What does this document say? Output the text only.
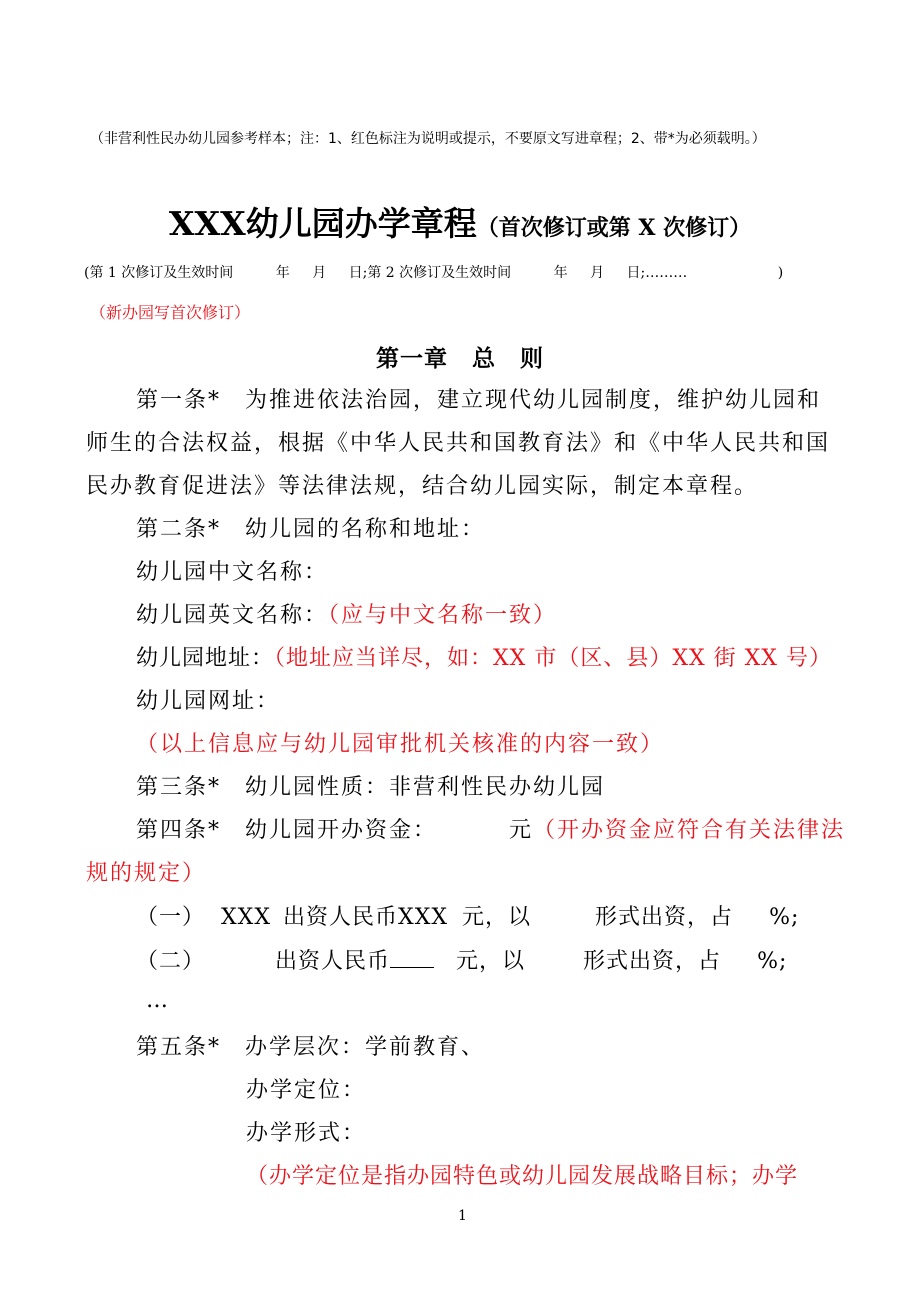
（非营利性民办幼儿园参考样本；注：1、红色标注为说明或提示，不要原文写进章程；2、带*为必须载明。）
XXX幼儿园办学章程（首次修订或第 X 次修订）
(第 1 次修订及生效时间	年 月 日;第 2 次修订及生效时间	年 月 日;………	)
（新办园写首次修订）
第一章　总　则
第一条*　为推进依法治园，建立现代幼儿园制度，维护幼儿园和
师生的合法权益，根据《中华人民共和国教育法》和《中华人民共和国
民办教育促进法》等法律法规，结合幼儿园实际，制定本章程。
第二条*　幼儿园的名称和地址：
幼儿园中文名称：
幼儿园英文名称：（应与中文名称一致）
幼儿园地址：（地址应当详尽，如：XX 市（区、县）XX 街 XX 号）
幼儿园网址：
（以上信息应与幼儿园审批机关核准的内容一致）
第三条*　幼儿园性质：非营利性民办幼儿园
第四条*　幼儿园开办资金：	元（开办资金应符合有关法律法
规的规定）
（一） XXX 出资人民币XXX 元，以	形式出资，占 %;
（二）	出资人民币	元，以	形式出资，占 %;
…
第五条*　办学层次：学前教育、
办学定位：
办学形式：
（办学定位是指办园特色或幼儿园发展战略目标；办学
1
